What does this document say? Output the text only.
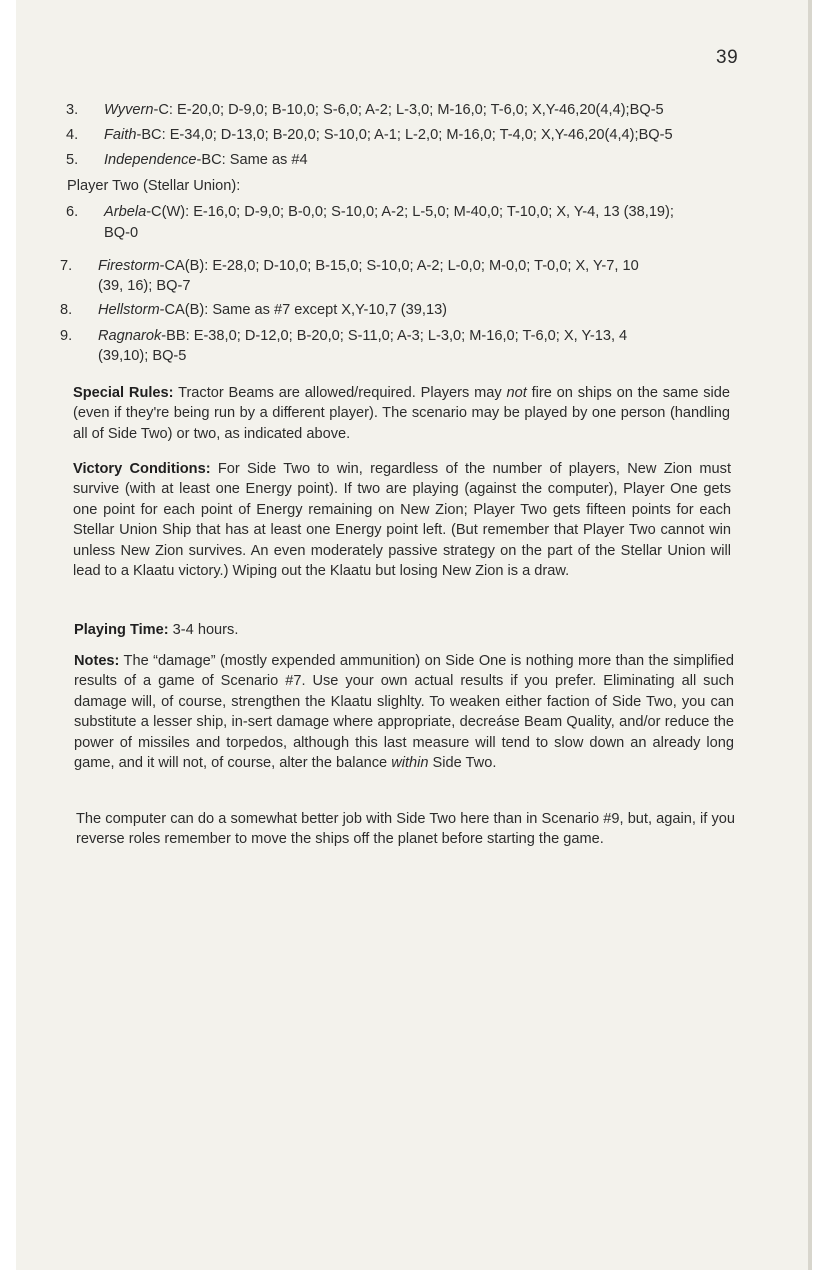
39
3. Wyvern-C: E-20,0; D-9,0; B-10,0; S-6,0; A-2; L-3,0; M-16,0; T-6,0; X,Y-46,20(4,4);BQ-5
4. Faith-BC: E-34,0; D-13,0; B-20,0; S-10,0; A-1; L-2,0; M-16,0; T-4,0; X,Y-46,20(4,4);BQ-5
5. Independence-BC: Same as #4
Player Two (Stellar Union):
6. Arbela-C(W): E-16,0; D-9,0; B-0,0; S-10,0; A-2; L-5,0; M-40,0; T-10,0; X, Y-4, 13 (38,19);
BQ-0
7. Firestorm-CA(B): E-28,0; D-10,0; B-15,0; S-10,0; A-2; L-0,0; M-0,0; T-0,0; X, Y-7, 10
(39, 16); BQ-7
8. Hellstorm-CA(B): Same as #7 except X,Y-10,7 (39,13)
9. Ragnarok-BB: E-38,0; D-12,0; B-20,0; S-11,0; A-3; L-3,0; M-16,0; T-6,0; X, Y-13, 4
(39,10); BQ-5
Special Rules: Tractor Beams are allowed/required. Players may not fire on ships on the same side (even if they're being run by a different player). The scenario may be played by one person (handling all of Side Two) or two, as indicated above.
Victory Conditions: For Side Two to win, regardless of the number of players, New Zion must survive (with at least one Energy point). If two are playing (against the computer), Player One gets one point for each point of Energy remaining on New Zion; Player Two gets fifteen points for each Stellar Union Ship that has at least one Energy point left. (But remember that Player Two cannot win unless New Zion survives. An even moderately passive strategy on the part of the Stellar Union will lead to a Klaatu victory.) Wiping out the Klaatu but losing New Zion is a draw.
Playing Time: 3-4 hours.
Notes: The “damage” (mostly expended ammunition) on Side One is nothing more than the simplified results of a game of Scenario #7. Use your own actual results if you prefer. Eliminating all such damage will, of course, strengthen the Klaatu slighlty. To weaken either faction of Side Two, you can substitute a lesser ship, in-sert damage where appropriate, decreáse Beam Quality, and/or reduce the power of missiles and torpedos, although this last measure will tend to slow down an already long game, and it will not, of course, alter the balance within Side Two.
The computer can do a somewhat better job with Side Two here than in Scenario #9, but, again, if you reverse roles remember to move the ships off the planet before starting the game.
